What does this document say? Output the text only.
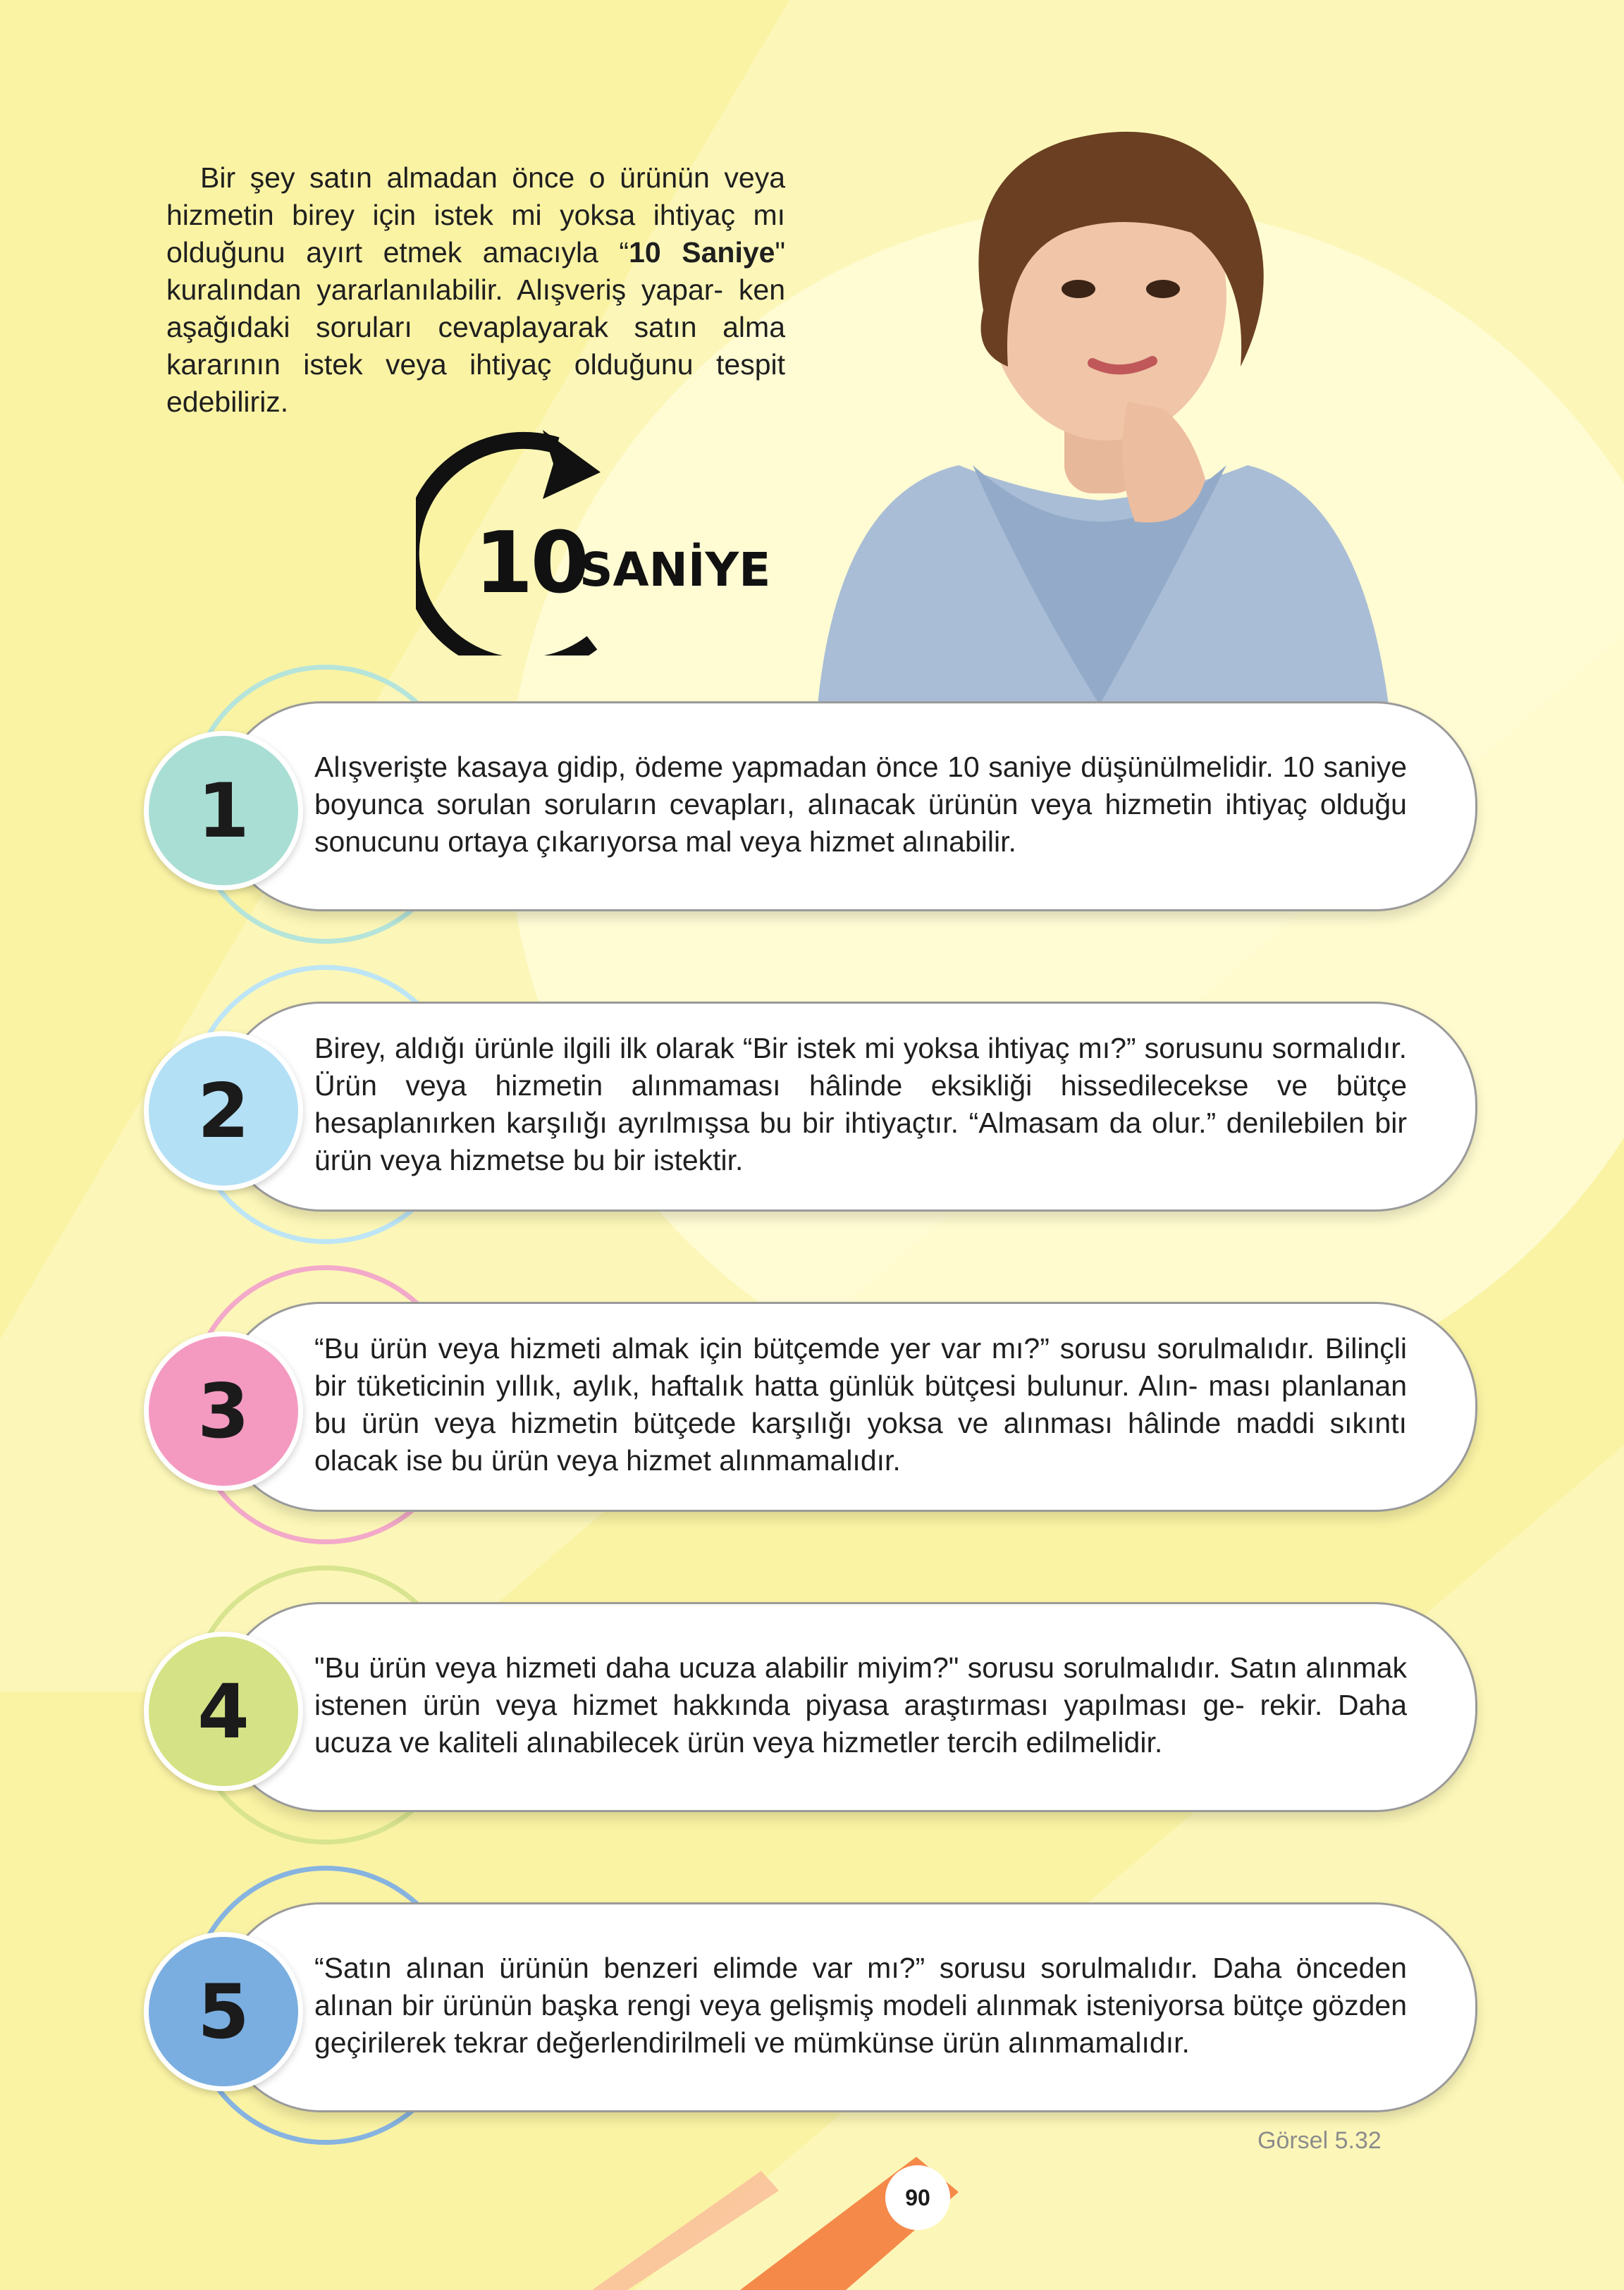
Bir şey satın almadan önce o ürünün veya hizmetin birey için istek mi yoksa ihtiyaç mı olduğunu ayırt etmek amacıyla “10 Saniye" kuralından yararlanılabilir. Alışveriş yapar- ken aşağıdaki soruları cevaplayarak satın alma kararının istek veya ihtiyaç olduğunu tespit edebiliriz.

10
SANİYE
1

Alışverişte kasaya gidip, ödeme yapmadan önce 10 saniye düşünülmelidir. 10 saniye boyunca sorulan soruların cevapları, alınacak ürünün veya hizmetin ihtiyaç olduğu sonucunu ortaya çıkarıyorsa mal veya hizmet alınabilir.

2

Birey, aldığı ürünle ilgili ilk olarak “Bir istek mi yoksa ihtiyaç mı?” sorusunu sormalıdır. Ürün veya hizmetin alınmaması hâlinde eksikliği hissedilecekse ve bütçe hesaplanırken karşılığı ayrılmışsa bu bir ihtiyaçtır. “Almasam da olur.” denilebilen bir ürün veya hizmetse bu bir istektir.

3

“Bu ürün veya hizmeti almak için bütçemde yer var mı?” sorusu sorulmalıdır. Bilinçli bir tüketicinin yıllık, aylık, haftalık hatta günlük bütçesi bulunur. Alın- ması planlanan bu ürün veya hizmetin bütçede karşılığı yoksa ve alınması hâlinde maddi sıkıntı olacak ise bu ürün veya hizmet alınmamalıdır.

4

"Bu ürün veya hizmeti daha ucuza alabilir miyim?" sorusu sorulmalıdır. Satın alınmak istenen ürün veya hizmet hakkında piyasa araştırması yapılması ge- rekir. Daha ucuza ve kaliteli alınabilecek ürün veya hizmetler tercih edilmelidir.

5

“Satın alınan ürünün benzeri elimde var mı?” sorusu sorulmalıdır. Daha önceden alınan bir ürünün başka rengi veya gelişmiş modeli alınmak isteniyorsa bütçe gözden geçirilerek tekrar değerlendirilmeli ve mümkünse ürün alınmamalıdır.

Görsel 5.32
90
